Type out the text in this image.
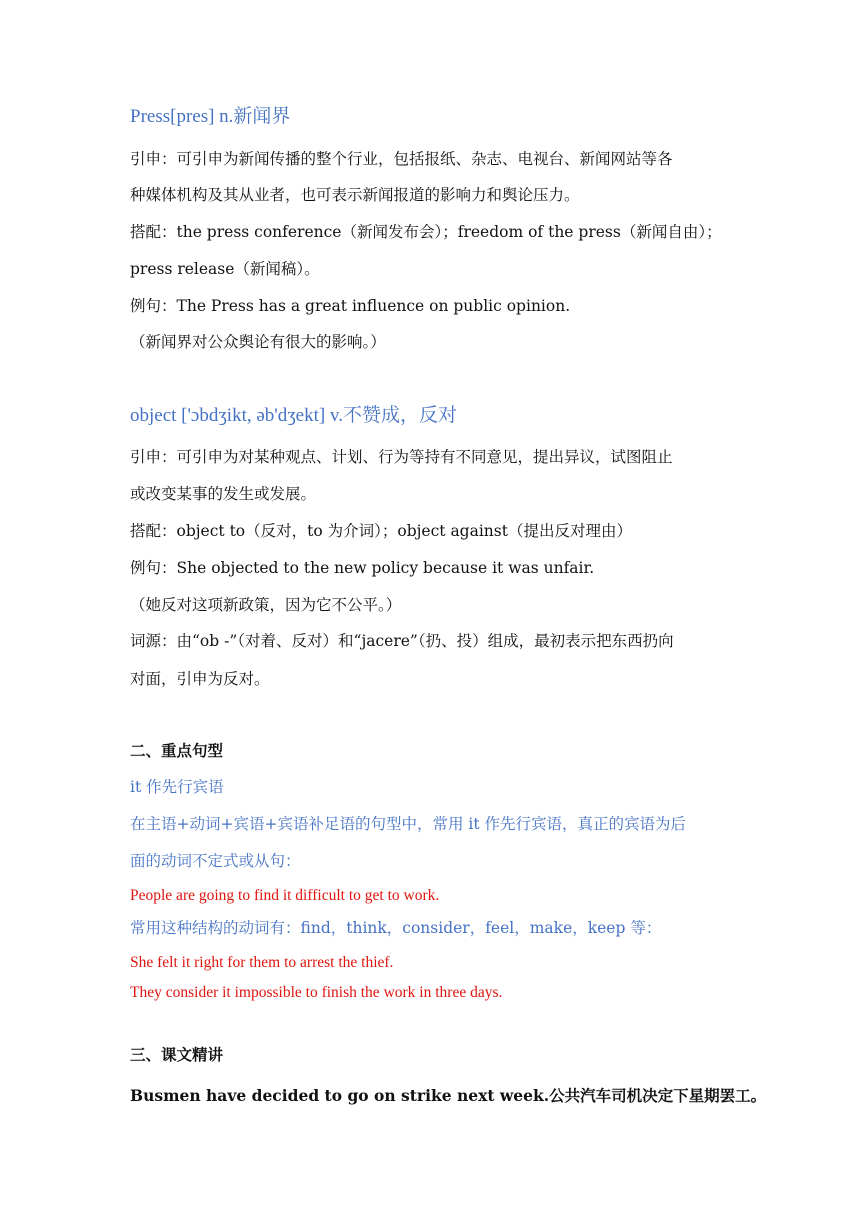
Press[pres] n.新闻界
引申：可引申为新闻传播的整个行业，包括报纸、杂志、电视台、新闻网站等各
种媒体机构及其从业者，也可表示新闻报道的影响力和舆论压力。
搭配：the press conference（新闻发布会）；freedom of the press（新闻自由）；
press release（新闻稿）。
例句：The Press has a great influence on public opinion.
（新闻界对公众舆论有很大的影响。）
object ['ɔbdʒikt, əb'dʒekt] v.不赞成，反对
引申：可引申为对某种观点、计划、行为等持有不同意见，提出异议，试图阻止
或改变某事的发生或发展。
搭配：object to（反对，to 为介词）；object against（提出反对理由）
例句：She objected to the new policy because it was unfair.
（她反对这项新政策，因为它不公平。）
词源：由“ob -”（对着、反对）和“jacere”（扔、投）组成，最初表示把东西扔向
对面，引申为反对。
二、重点句型
it 作先行宾语
在主语+动词+宾语+宾语补足语的句型中，常用 it 作先行宾语，真正的宾语为后
面的动词不定式或从句：
People are going to find it difficult to get to work.
常用这种结构的动词有：find，think，consider，feel，make，keep 等：
She felt it right for them to arrest the thief.
They consider it impossible to finish the work in three days.
三、课文精讲
Busmen have decided to go on strike next week.公共汽车司机决定下星期罢工。
